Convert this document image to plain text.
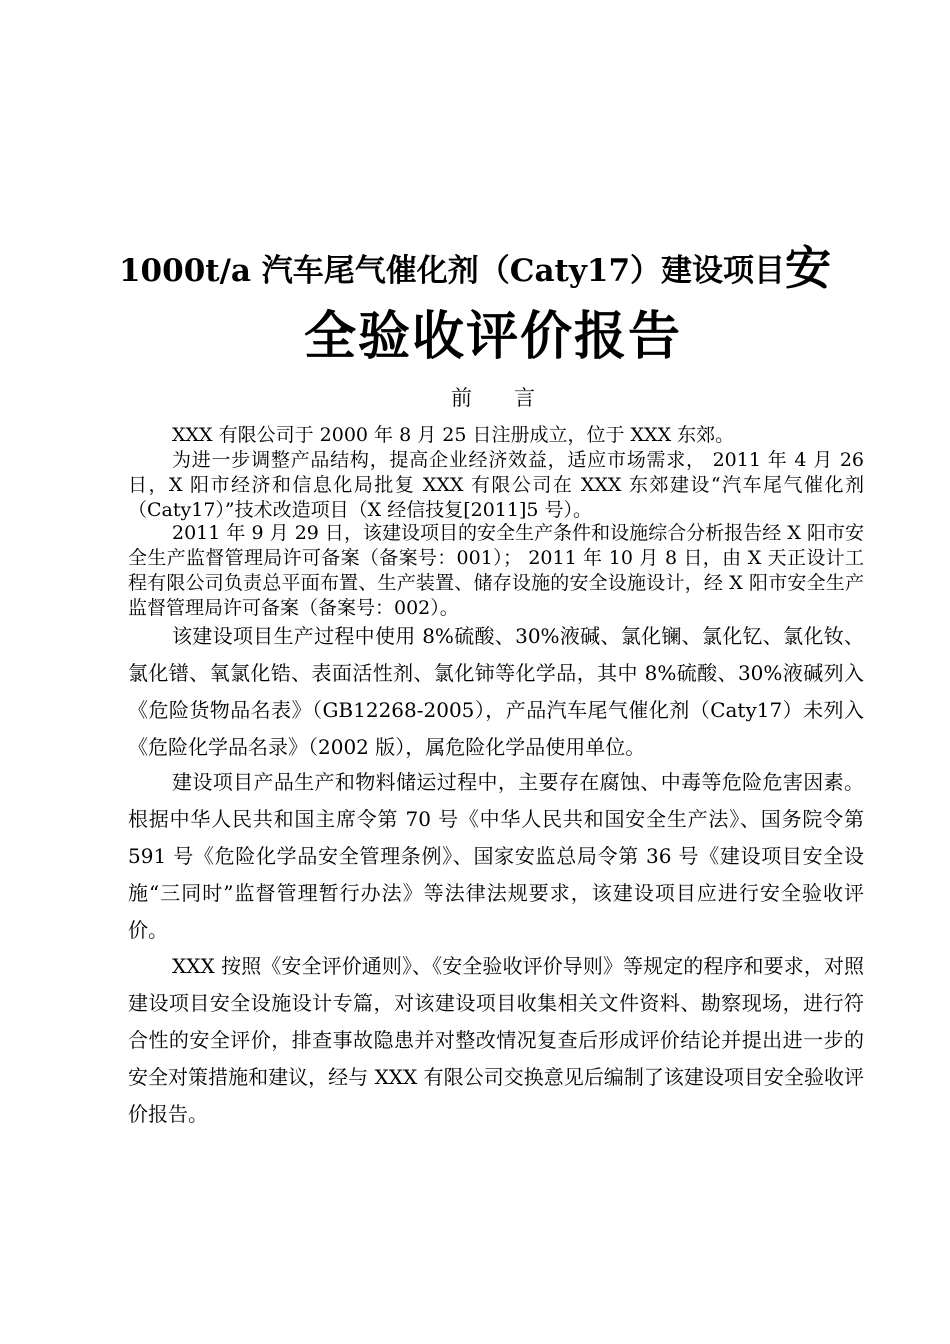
1000t/a 汽车尾气催化剂（Caty17）建设项目安
全验收评价报告
前　　言

XXX 有限公司于 2000 年 8 月 25 日注册成立，位于 XXX 东郊。

为进一步调整产品结构，提高企业经济效益，适应市场需求， 2011 年 4 月 26 日，X 阳市经济和信息化局批复 XXX 有限公司在 XXX 东郊建设“汽车尾气催化剂（Caty17）”技术改造项目（X 经信技复[2011]5 号）。

2011 年 9 月 29 日，该建设项目的安全生产条件和设施综合分析报告经 X 阳市安全生产监督管理局许可备案（备案号：001）； 2011 年 10 月 8 日，由 X 天正设计工程有限公司负责总平面布置、生产装置、储存设施的安全设施设计，经 X 阳市安全生产监督管理局许可备案（备案号：002）。

该建设项目生产过程中使用 8%硫酸、30%液碱、氯化镧、氯化钇、氯化钕、氯化镨、氧氯化锆、表面活性剂、氯化铈等化学品，其中 8%硫酸、30%液碱列入《危险货物品名表》（GB12268-2005），产品汽车尾气催化剂（Caty17）未列入《危险化学品名录》（2002 版），属危险化学品使用单位。

建设项目产品生产和物料储运过程中，主要存在腐蚀、中毒等危险危害因素。根据中华人民共和国主席令第 70 号《中华人民共和国安全生产法》、国务院令第 591 号《危险化学品安全管理条例》、国家安监总局令第 36 号《建设项目安全设施“三同时”监督管理暂行办法》等法律法规要求，该建设项目应进行安全验收评价。

XXX 按照《安全评价通则》、《安全验收评价导则》等规定的程序和要求，对照建设项目安全设施设计专篇，对该建设项目收集相关文件资料、勘察现场，进行符合性的安全评价，排查事故隐患并对整改情况复查后形成评价结论并提出进一步的安全对策措施和建议，经与 XXX 有限公司交换意见后编制了该建设项目安全验收评价报告。
